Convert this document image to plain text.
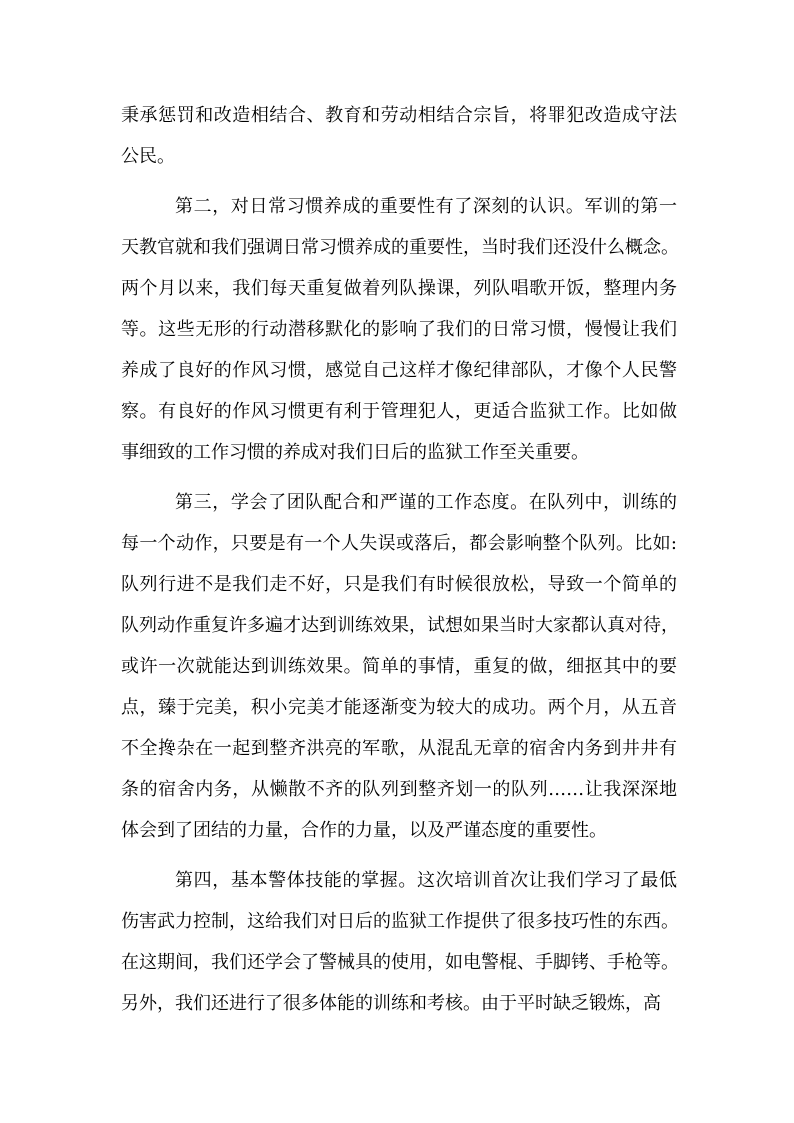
秉承惩罚和改造相结合、教育和劳动相结合宗旨，将罪犯改造成守法
公民。
第二，对日常习惯养成的重要性有了深刻的认识。军训的第一
天教官就和我们强调日常习惯养成的重要性，当时我们还没什么概念。
两个月以来，我们每天重复做着列队操课，列队唱歌开饭，整理内务
等。这些无形的行动潜移默化的影响了我们的日常习惯，慢慢让我们
养成了良好的作风习惯，感觉自己这样才像纪律部队，才像个人民警
察。有良好的作风习惯更有利于管理犯人，更适合监狱工作。比如做
事细致的工作习惯的养成对我们日后的监狱工作至关重要。
第三，学会了团队配合和严谨的工作态度。在队列中，训练的
每一个动作，只要是有一个人失误或落后，都会影响整个队列。比如:
队列行进不是我们走不好，只是我们有时候很放松，导致一个简单的
队列动作重复许多遍才达到训练效果，试想如果当时大家都认真对待，
或许一次就能达到训练效果。简单的事情，重复的做，细抠其中的要
点，臻于完美，积小完美才能逐渐变为较大的成功。两个月，从五音
不全搀杂在一起到整齐洪亮的军歌，从混乱无章的宿舍内务到井井有
条的宿舍内务，从懒散不齐的队列到整齐划一的队列……让我深深地
体会到了团结的力量，合作的力量，以及严谨态度的重要性。
第四，基本警体技能的掌握。这次培训首次让我们学习了最低
伤害武力控制，这给我们对日后的监狱工作提供了很多技巧性的东西。
在这期间，我们还学会了警械具的使用，如电警棍、手脚铐、手枪等。
另外，我们还进行了很多体能的训练和考核。由于平时缺乏锻炼，高
